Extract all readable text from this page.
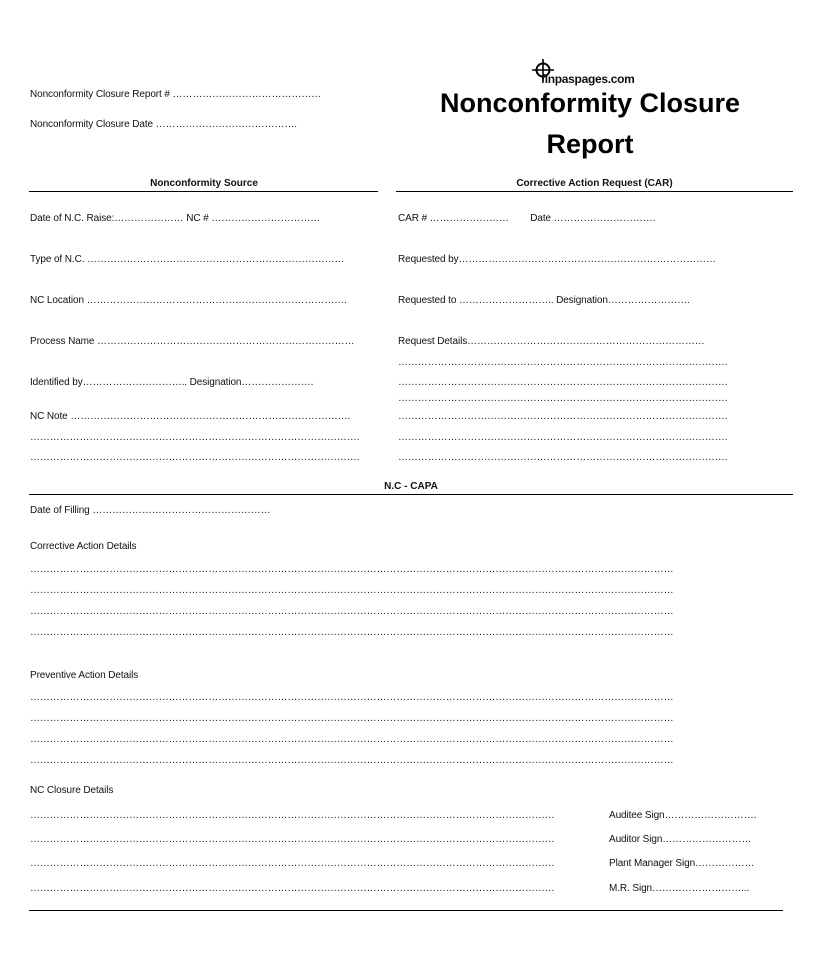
finpaspages.com
Nonconformity Closure
Report
Nonconformity Closure Report # ………………………………………
Nonconformity Closure Date …………………………………….
Nonconformity Source	Corrective Action Request (CAR)
Date of N.C. Raise:………………… NC # ……………………………
Type of N.C. ……………………………………………………………………
NC Location …………………………………………………………………….
Process Name ……………………………………………………………………
Identified by………………………….. Designation………………….
NC Note ………………………………………………………………………….
……………………………………………………………………………………….
……………………………………………………………………………………….
CAR # ……………………        Date ………………………….
Requested by……………………………………………………………………
Requested to ……………………….. Designation…………………….
Request Details………………………………………………………………
……………………………………………………………………………………….
……………………………………………………………………………………….
……………………………………………………………………………………….
……………………………………………………………………………………….
……………………………………………………………………………………….
……………………………………………………………………………………….
N.C - CAPA
Date of Filling ………………………………………………
Corrective Action Details
……………………………………………………………………………………………………………………………………………………………………………
……………………………………………………………………………………………………………………………………………………………………………
……………………………………………………………………………………………………………………………………………………………………………
……………………………………………………………………………………………………………………………………………………………………………
Preventive Action Details
……………………………………………………………………………………………………………………………………………………………………………
……………………………………………………………………………………………………………………………………………………………………………
……………………………………………………………………………………………………………………………………………………………………………
……………………………………………………………………………………………………………………………………………………………………………
NC Closure Details
……………………………………………………………………………………………………………………………………………
……………………………………………………………………………………………………………………………………………
……………………………………………………………………………………………………………………………………………
……………………………………………………………………………………………………………………………………………
Auditee Sign……………………….
Auditor Sign………………………
Plant Manager Sign………………
M.R. Sign………………………...
